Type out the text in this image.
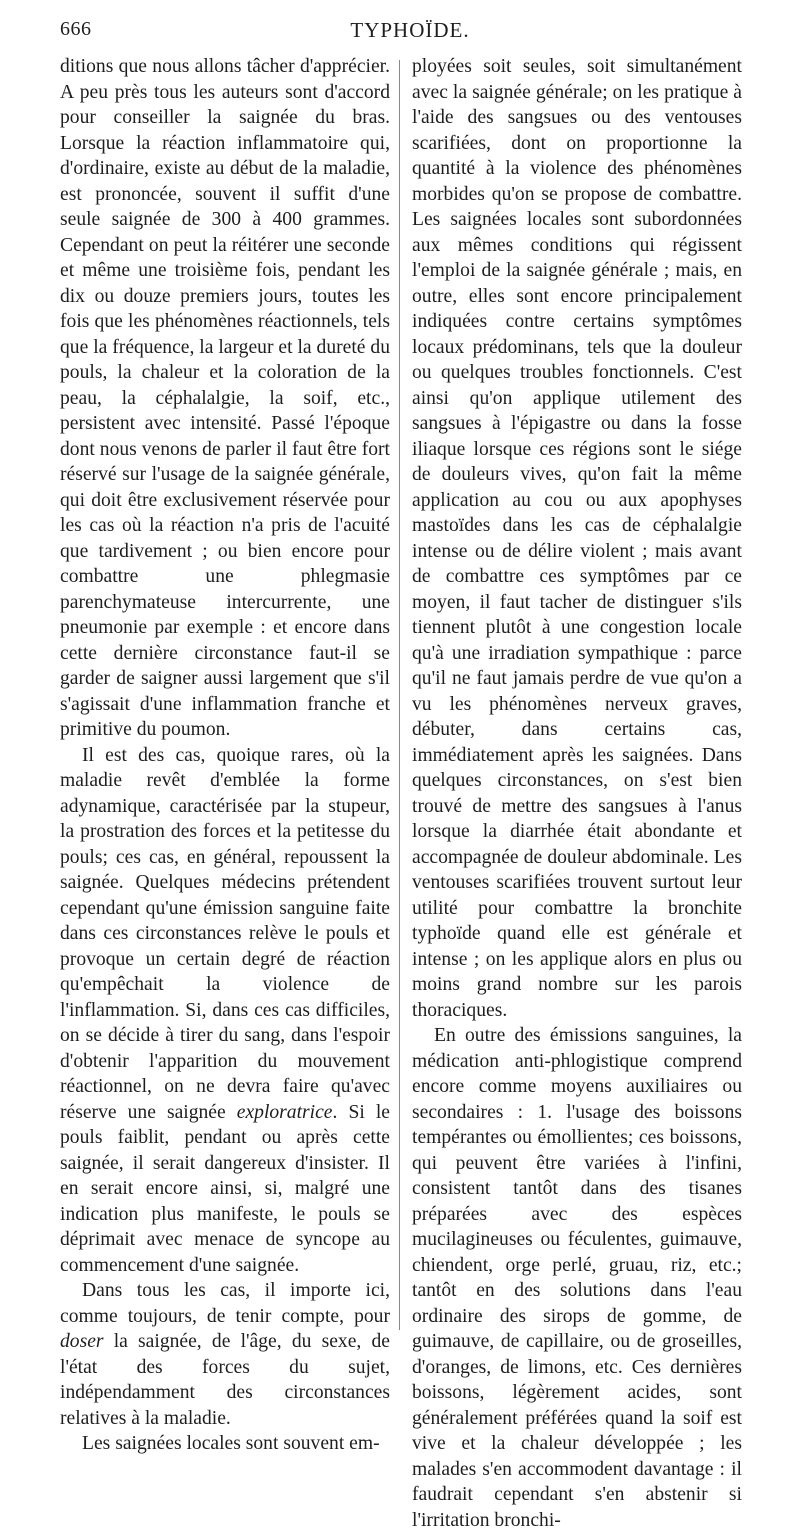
666	TYPHOÏDE.

ditions que nous allons tâcher d'apprécier. A peu près tous les auteurs sont d'accord pour conseiller la saignée du bras. Lorsque la réaction inflammatoire qui, d'ordinaire, existe au début de la maladie, est prononcée, souvent il suffit d'une seule saignée de 300 à 400 grammes. Cependant on peut la réitérer une seconde et même une troisième fois, pendant les dix ou douze premiers jours, toutes les fois que les phénomènes réactionnels, tels que la fréquence, la largeur et la dureté du pouls, la chaleur et la coloration de la peau, la céphalalgie, la soif, etc., persistent avec intensité. Passé l'époque dont nous venons de parler il faut être fort réservé sur l'usage de la saignée générale, qui doit être exclusivement réservée pour les cas où la réaction n'a pris de l'acuité que tardivement ; ou bien encore pour combattre une phlegmasie parenchymateuse intercurrente, une pneumonie par exemple : et encore dans cette dernière circonstance faut-il se garder de saigner aussi largement que s'il s'agissait d'une inflammation franche et primitive du poumon.

Il est des cas, quoique rares, où la maladie revêt d'emblée la forme adynamique, caractérisée par la stupeur, la prostration des forces et la petitesse du pouls; ces cas, en général, repoussent la saignée. Quelques médecins prétendent cependant qu'une émission sanguine faite dans ces circonstances relève le pouls et provoque un certain degré de réaction qu'empêchait la violence de l'inflammation. Si, dans ces cas difficiles, on se décide à tirer du sang, dans l'espoir d'obtenir l'apparition du mouvement réactionnel, on ne devra faire qu'avec réserve une saignée exploratrice. Si le pouls faiblit, pendant ou après cette saignée, il serait dangereux d'insister. Il en serait encore ainsi, si, malgré une indication plus manifeste, le pouls se déprimait avec menace de syncope au commencement d'une saignée.

Dans tous les cas, il importe ici, comme toujours, de tenir compte, pour doser la saignée, de l'âge, du sexe, de l'état des forces du sujet, indépendamment des circonstances relatives à la maladie.

Les saignées locales sont souvent em-

ployées soit seules, soit simultanément avec la saignée générale; on les pratique à l'aide des sangsues ou des ventouses scarifiées, dont on proportionne la quantité à la violence des phénomènes morbides qu'on se propose de combattre. Les saignées locales sont subordonnées aux mêmes conditions qui régissent l'emploi de la saignée générale ; mais, en outre, elles sont encore principalement indiquées contre certains symptômes locaux prédominans, tels que la douleur ou quelques troubles fonctionnels. C'est ainsi qu'on applique utilement des sangsues à l'épigastre ou dans la fosse iliaque lorsque ces régions sont le siége de douleurs vives, qu'on fait la même application au cou ou aux apophyses mastoïdes dans les cas de céphalalgie intense ou de délire violent ; mais avant de combattre ces symptômes par ce moyen, il faut tacher de distinguer s'ils tiennent plutôt à une congestion locale qu'à une irradiation sympathique : parce qu'il ne faut jamais perdre de vue qu'on a vu les phénomènes nerveux graves, débuter, dans certains cas, immédiatement après les saignées. Dans quelques circonstances, on s'est bien trouvé de mettre des sangsues à l'anus lorsque la diarrhée était abondante et accompagnée de douleur abdominale. Les ventouses scarifiées trouvent surtout leur utilité pour combattre la bronchite typhoïde quand elle est générale et intense ; on les applique alors en plus ou moins grand nombre sur les parois thoraciques.

En outre des émissions sanguines, la médication anti-phlogistique comprend encore comme moyens auxiliaires ou secondaires : 1. l'usage des boissons tempérantes ou émollientes; ces boissons, qui peuvent être variées à l'infini, consistent tantôt dans des tisanes préparées avec des espèces mucilagineuses ou féculentes, guimauve, chiendent, orge perlé, gruau, riz, etc.; tantôt en des solutions dans l'eau ordinaire des sirops de gomme, de guimauve, de capillaire, ou de groseilles, d'oranges, de limons, etc. Ces dernières boissons, légèrement acides, sont généralement préférées quand la soif est vive et la chaleur développée ; les malades s'en accommodent davantage : il faudrait cependant s'en abstenir si l'irritation bronchi-
